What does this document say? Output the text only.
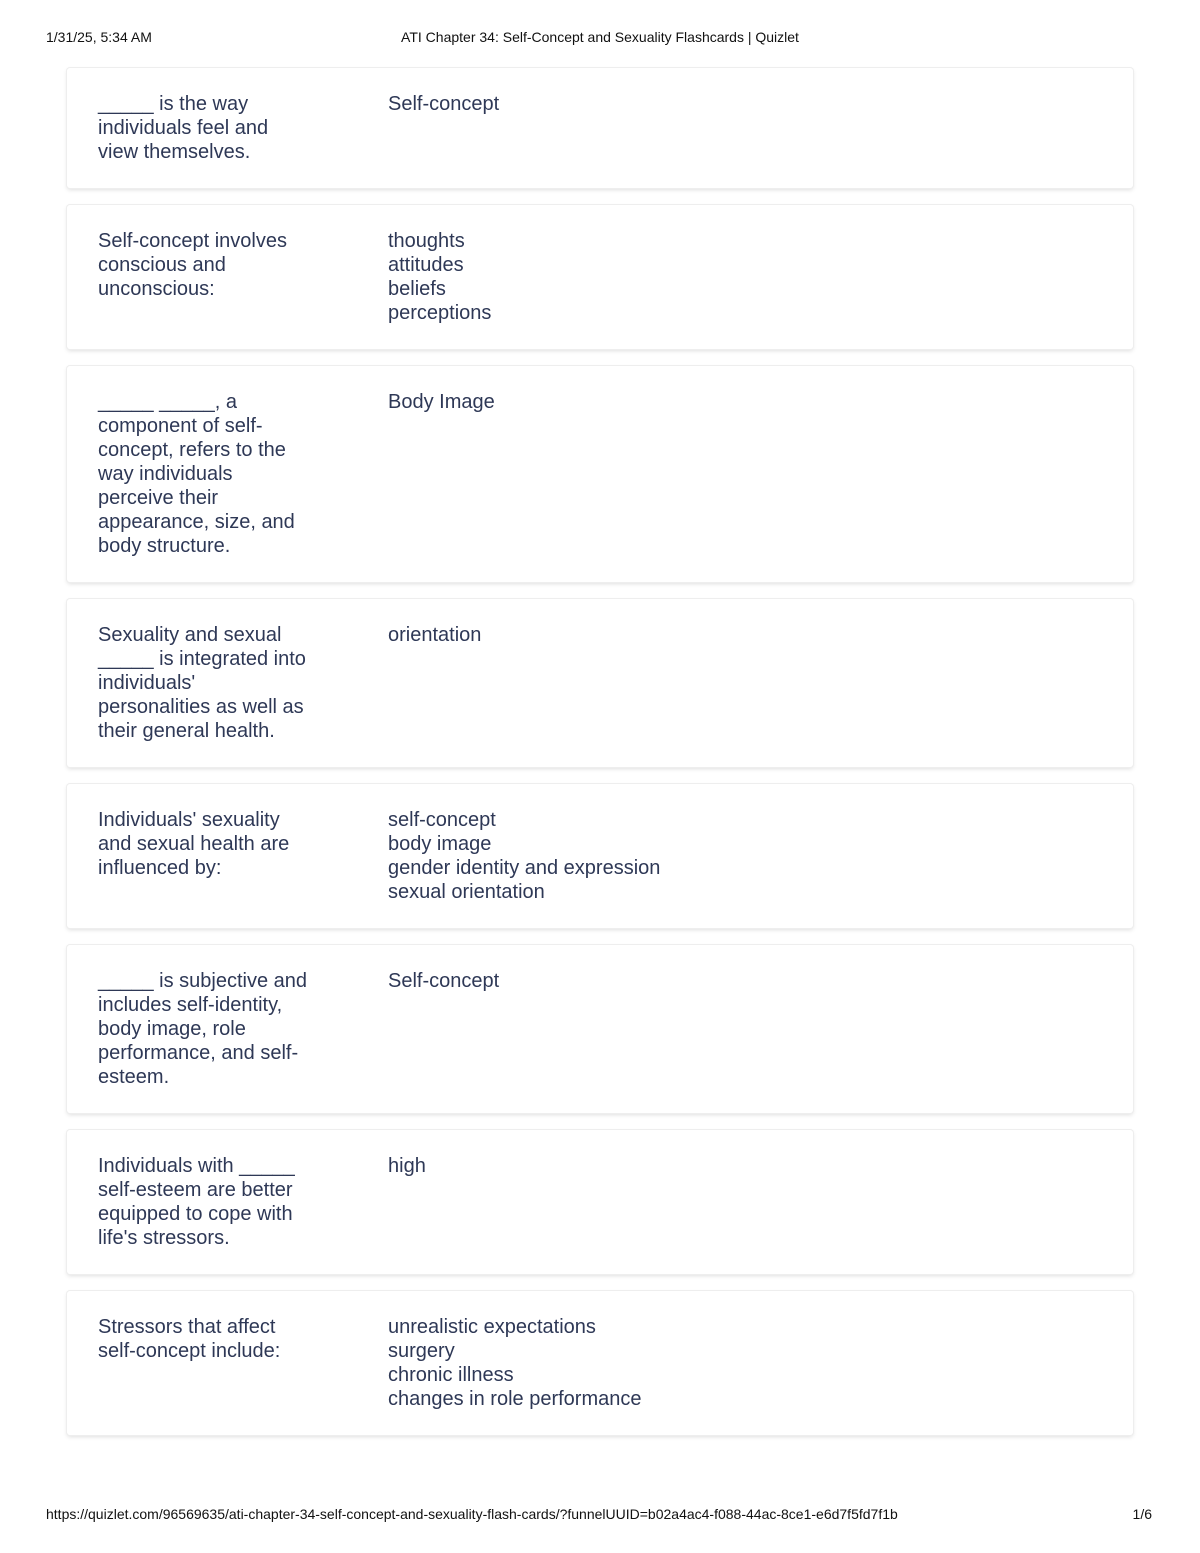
1/31/25, 5:34 AM	ATI Chapter 34: Self-Concept and Sexuality Flashcards | Quizlet
_____ is the way
individuals feel and
view themselves.
Self-concept
Self-concept involves
conscious and
unconscious:
thoughts
attitudes
beliefs
perceptions
_____ _____, a
component of self-
concept, refers to the
way individuals
perceive their
appearance, size, and
body structure.
Body Image
Sexuality and sexual
_____ is integrated into
individuals'
personalities as well as
their general health.
orientation
Individuals' sexuality
and sexual health are
influenced by:
self-concept
body image
gender identity and expression
sexual orientation
_____ is subjective and
includes self-identity,
body image, role
performance, and self-
esteem.
Self-concept
Individuals with _____
self-esteem are better
equipped to cope with
life's stressors.
high
Stressors that affect
self-concept include:
unrealistic expectations
surgery
chronic illness
changes in role performance
https://quizlet.com/96569635/ati-chapter-34-self-concept-and-sexuality-flash-cards/?funnelUUID=b02a4ac4-f088-44ac-8ce1-e6d7f5fd7f1b	1/6
